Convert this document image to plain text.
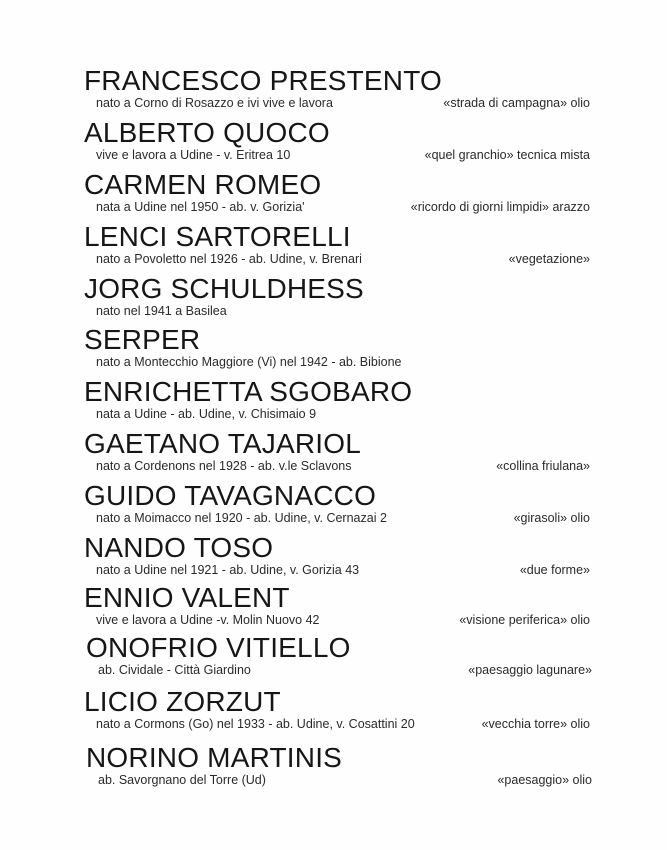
FRANCESCO PRESTENTO
nato a Corno di Rosazzo e ivi vive e lavora	«strada di campagna» olio
ALBERTO QUOCO
vive e lavora a Udine - v. Eritrea 10	«quel granchio» tecnica mista
CARMEN ROMEO
nata a Udine nel 1950 - ab. v. Gorizia'	«ricordo di giorni limpidi» arazzo
LENCI SARTORELLI
nato a Povoletto nel 1926 - ab. Udine, v. Brenari	«vegetazione»
JORG SCHULDHESS
nato nel 1941 a Basilea
SERPER
nato a Montecchio Maggiore (Vi) nel 1942 - ab. Bibione
ENRICHETTA SGOBARO
nata a Udine - ab. Udine, v. Chisimaio 9
GAETANO TAJARIOL
nato a Cordenons nel 1928 - ab. v.le Sclavons	«collina friulana»
GUIDO TAVAGNACCO
nato a Moimacco nel 1920 - ab. Udine, v. Cernazai 2	«girasoli» olio
NANDO TOSO
nato a Udine nel 1921 - ab. Udine, v. Gorizia 43	«due forme»
ENNIO VALENT
vive e lavora a Udine -v. Molin Nuovo 42	«visione periferica» olio
ONOFRIO VITIELLO
ab. Cividale - Città Giardino	«paesaggio lagunare»
LICIO ZORZUT
nato a Cormons (Go) nel 1933 - ab. Udine, v. Cosattini 20	«vecchia torre» olio
NORINO MARTINIS
ab. Savorgnano del Torre (Ud)	«paesaggio» olio
